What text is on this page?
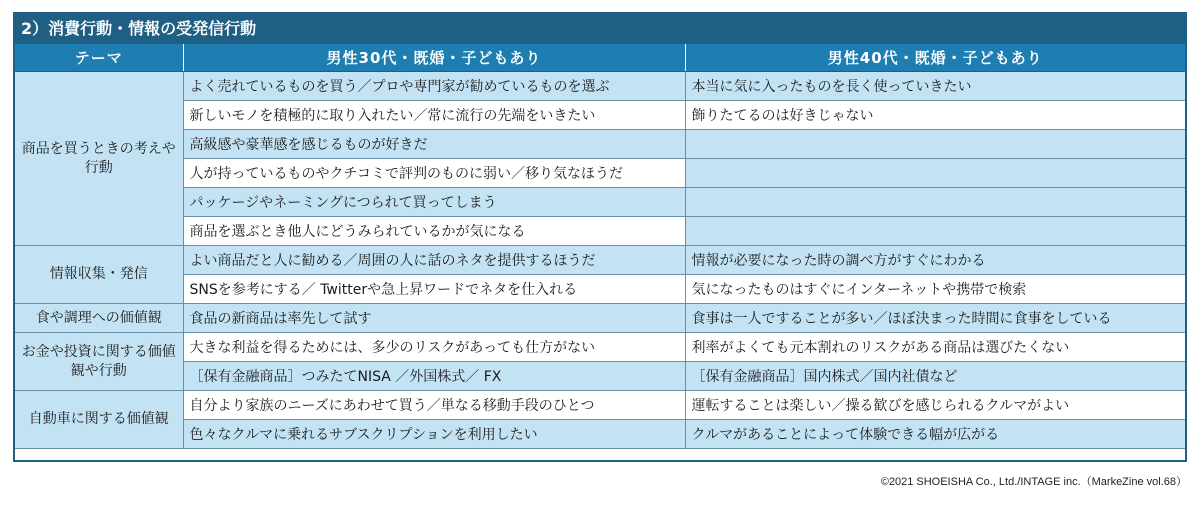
2）消費行動・情報の受発信行動
テーマ	男性30代・既婚・子どもあり	男性40代・既婚・子どもあり
商品を買うときの考えや行動	よく売れているものを買う／プロや専門家が勧めているものを選ぶ	本当に気に入ったものを長く使っていきたい
	新しいモノを積極的に取り入れたい／常に流行の先端をいきたい	飾りたてるのは好きじゃない
	高級感や豪華感を感じるものが好きだ	
	人が持っているものやクチコミで評判のものに弱い／移り気なほうだ	
	パッケージやネーミングにつられて買ってしまう	
	商品を選ぶとき他人にどうみられているかが気になる	
情報収集・発信	よい商品だと人に勧める／周囲の人に話のネタを提供するほうだ	情報が必要になった時の調べ方がすぐにわかる
	SNSを参考にする／ Twitterや急上昇ワードでネタを仕入れる	気になったものはすぐにインターネットや携帯で検索
食や調理への価値観	食品の新商品は率先して試す	食事は一人ですることが多い／ほぼ決まった時間に食事をしている
お金や投資に関する価値観や行動	大きな利益を得るためには、多少のリスクがあっても仕方がない	利率がよくても元本割れのリスクがある商品は選びたくない
	［保有金融商品］つみたてNISA ／外国株式／ FX	［保有金融商品］国内株式／国内社債など
自動車に関する価値観	自分より家族のニーズにあわせて買う／単なる移動手段のひとつ	運転することは楽しい／操る歓びを感じられるクルマがよい
	色々なクルマに乗れるサブスクリプションを利用したい	クルマがあることによって体験できる幅が広がる
©2021 SHOEISHA Co., Ltd./INTAGE inc.（MarkeZine vol.68）
